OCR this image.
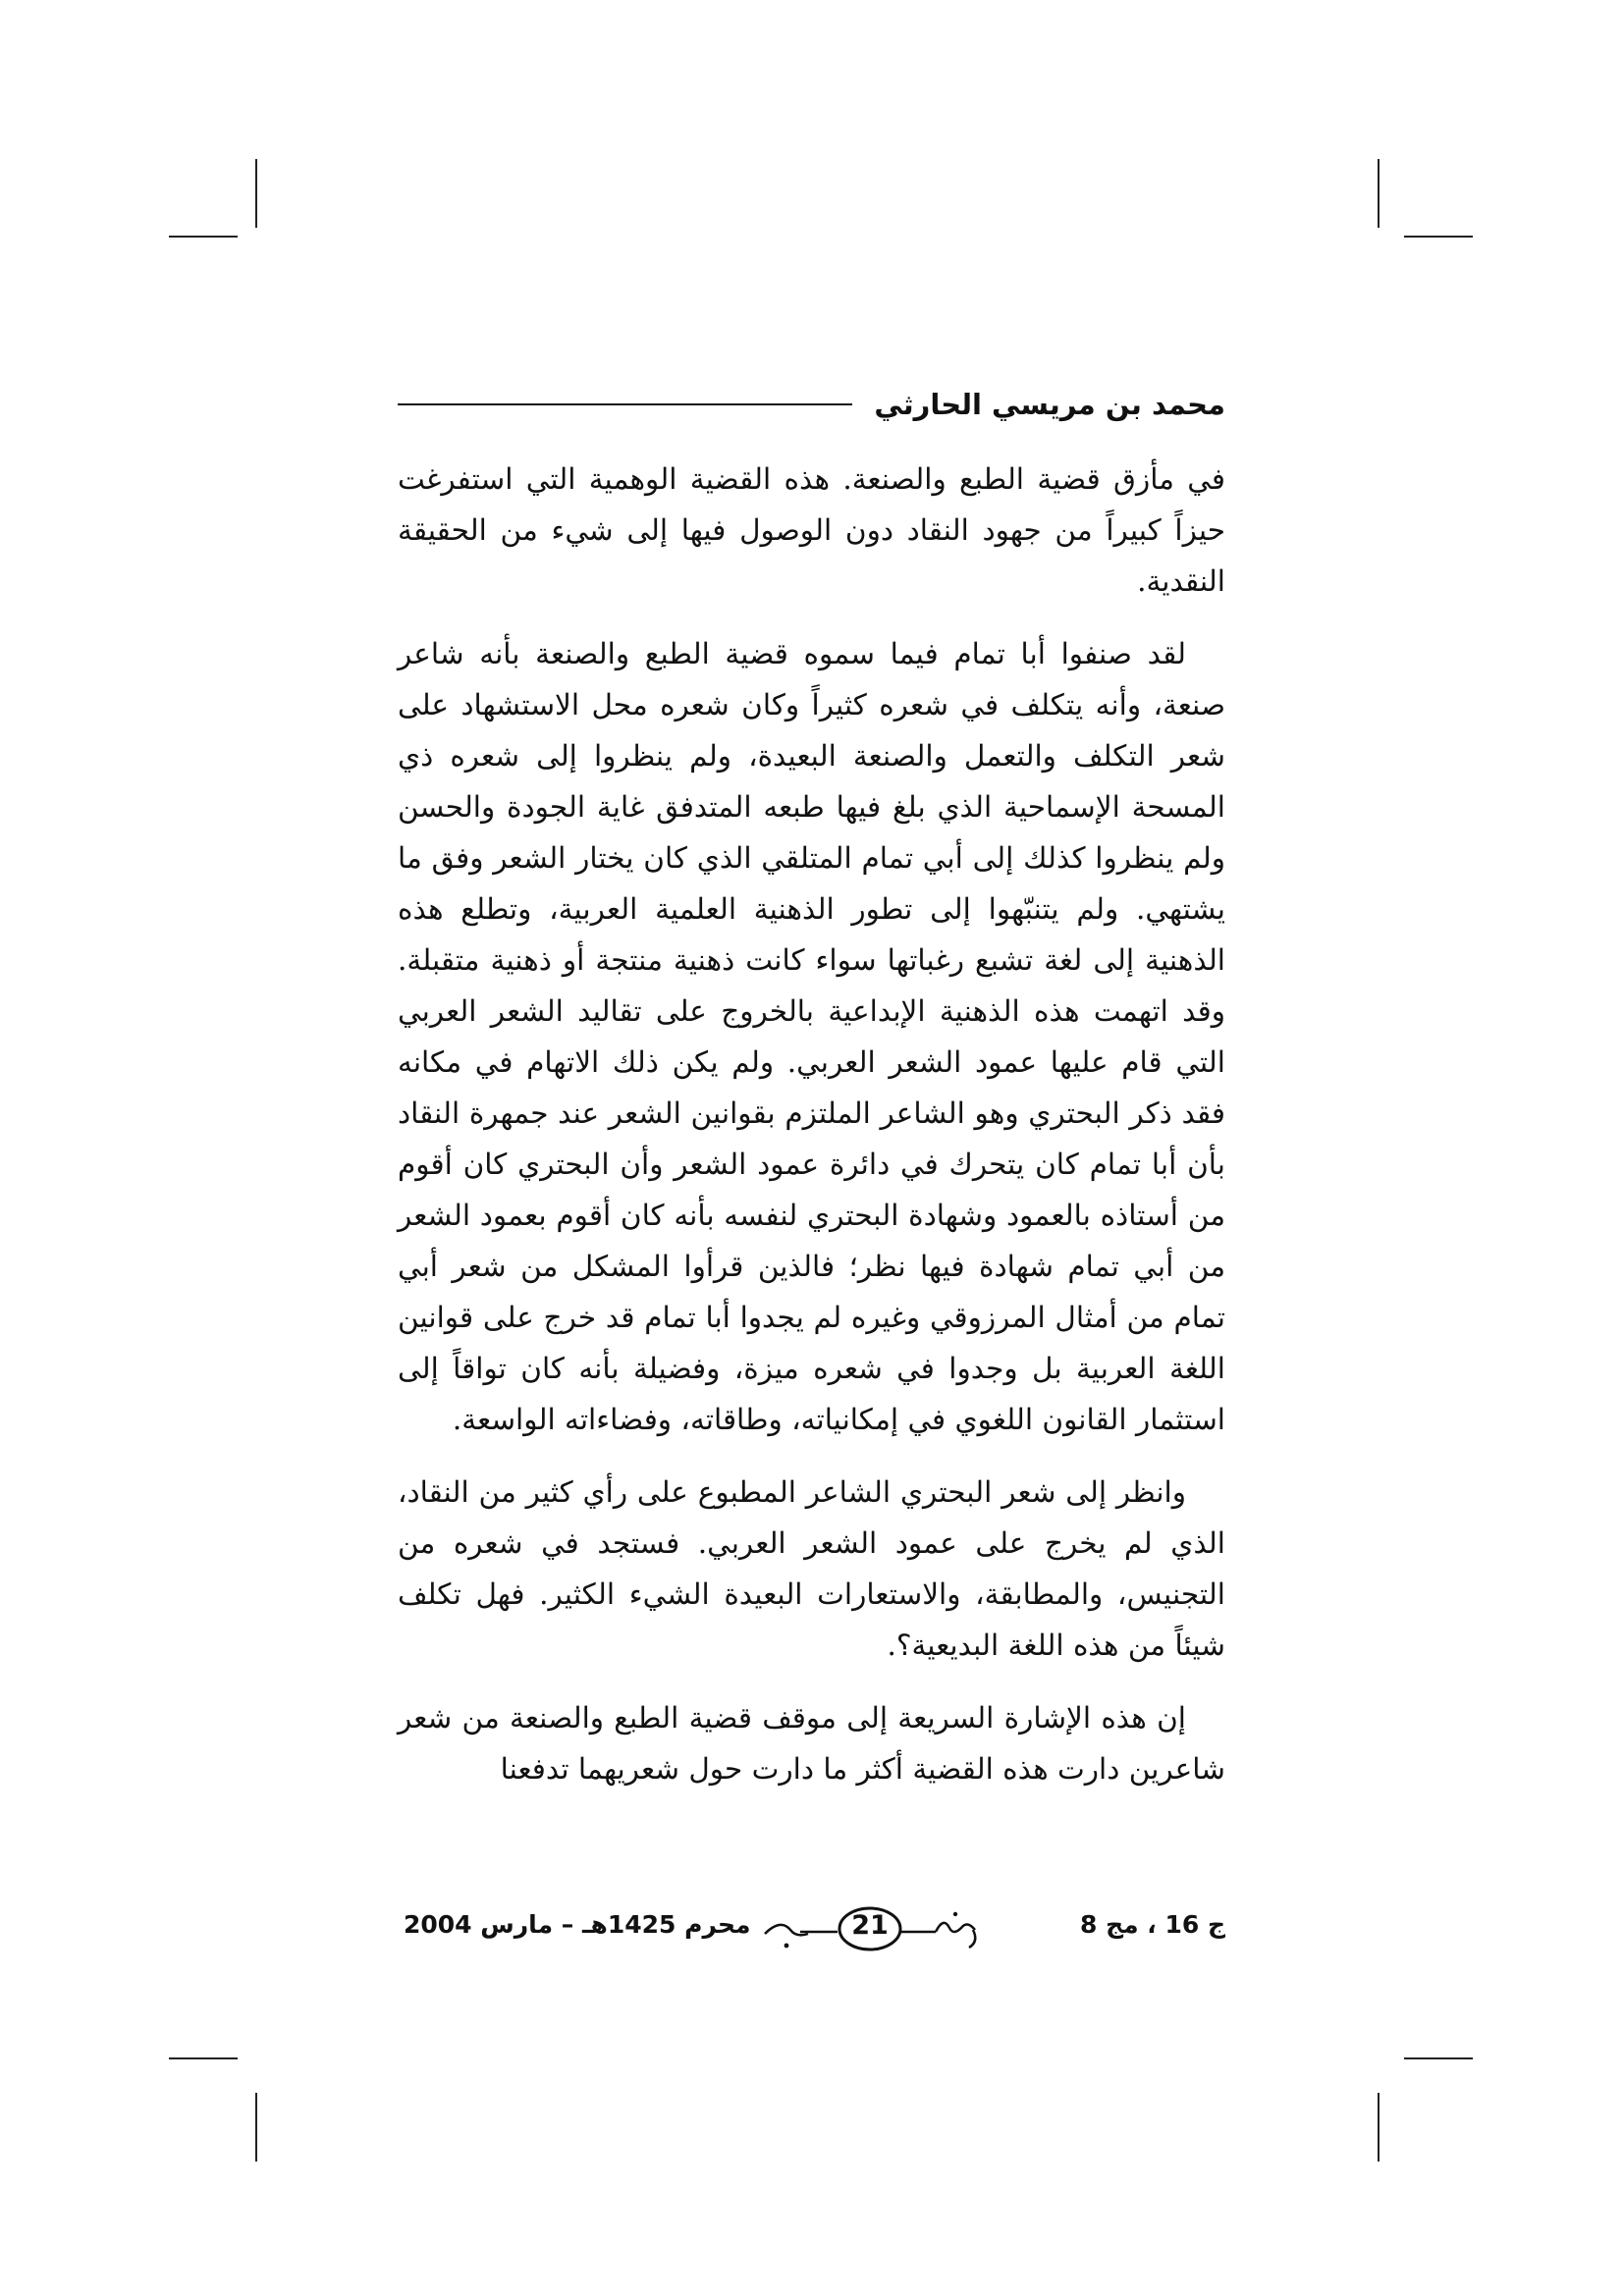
محمد بن مريسي الحارثي

في مأزق قضية الطبع والصنعة. هذه القضية الوهمية التي استفرغت حيزاً كبيراً من جهود النقاد دون الوصول فيها إلى شيء من الحقيقة النقدية.

لقد صنفوا أبا تمام فيما سموه قضية الطبع والصنعة بأنه شاعر صنعة، وأنه يتكلف في شعره كثيراً وكان شعره محل الاستشهاد على شعر التكلف والتعمل والصنعة البعيدة، ولم ينظروا إلى شعره ذي المسحة الإسماحية الذي بلغ فيها طبعه المتدفق غاية الجودة والحسن ولم ينظروا كذلك إلى أبي تمام المتلقي الذي كان يختار الشعر وفق ما يشتهي. ولم يتنبّهوا إلى تطور الذهنية العلمية العربية، وتطلع هذه الذهنية إلى لغة تشبع رغباتها سواء كانت ذهنية منتجة أو ذهنية متقبلة. وقد اتهمت هذه الذهنية الإبداعية بالخروج على تقاليد الشعر العربي التي قام عليها عمود الشعر العربي. ولم يكن ذلك الاتهام في مكانه فقد ذكر البحتري وهو الشاعر الملتزم بقوانين الشعر عند جمهرة النقاد بأن أبا تمام كان يتحرك في دائرة عمود الشعر وأن البحتري كان أقوم من أستاذه بالعمود وشهادة البحتري لنفسه بأنه كان أقوم بعمود الشعر من أبي تمام شهادة فيها نظر؛ فالذين قرأوا المشكل من شعر أبي تمام من أمثال المرزوقي وغيره لم يجدوا أبا تمام قد خرج على قوانين اللغة العربية بل وجدوا في شعره ميزة، وفضيلة بأنه كان تواقاً إلى استثمار القانون اللغوي في إمكانياته، وطاقاته، وفضاءاته الواسعة.

وانظر إلى شعر البحتري الشاعر المطبوع على رأي كثير من النقاد، الذي لم يخرج على عمود الشعر العربي. فستجد في شعره من التجنيس، والمطابقة، والاستعارات البعيدة الشيء الكثير. فهل تكلف شيئاً من هذه اللغة البديعية؟.

إن هذه الإشارة السريعة إلى موقف قضية الطبع والصنعة من شعر شاعرين دارت هذه القضية أكثر ما دارت حول شعريهما تدفعنا

محرم 1425هـ – مارس 2004	21	ج 16 ، مج 8
